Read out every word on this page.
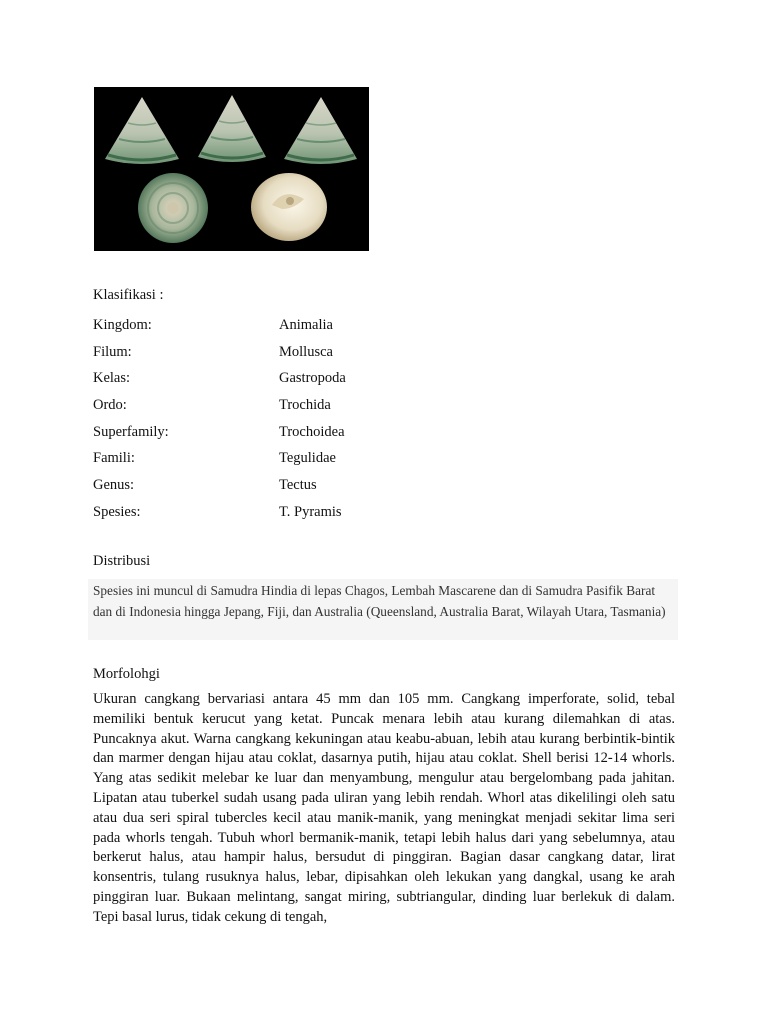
Klasifikasi :
Kingdom:	Animalia
Filum:	Mollusca
Kelas:	Gastropoda
Ordo:	Trochida
Superfamily:	Trochoidea
Famili:	Tegulidae
Genus:	Tectus
Spesies:	T. Pyramis
Distribusi
Spesies ini muncul di Samudra Hindia di lepas Chagos, Lembah Mascarene dan di Samudra Pasifik Barat dan di Indonesia hingga Jepang, Fiji, dan Australia (Queensland, Australia Barat, Wilayah Utara, Tasmania)
Morfolohgi

Ukuran cangkang bervariasi antara 45 mm dan 105 mm. Cangkang imperforate, solid, tebal memiliki bentuk kerucut yang ketat. Puncak menara lebih atau kurang dilemahkan di atas. Puncaknya akut. Warna cangkang kekuningan atau keabu-abuan, lebih atau kurang berbintik-bintik dan marmer dengan hijau atau coklat, dasarnya putih, hijau atau coklat. Shell berisi 12-14 whorls. Yang atas sedikit melebar ke luar dan menyambung, mengulur atau bergelombang pada jahitan. Lipatan atau tuberkel sudah usang pada uliran yang lebih rendah. Whorl atas dikelilingi oleh satu atau dua seri spiral tubercles kecil atau manik-manik, yang meningkat menjadi sekitar lima seri pada whorls tengah. Tubuh whorl bermanik-manik, tetapi lebih halus dari yang sebelumnya, atau berkerut halus, atau hampir halus, bersudut di pinggiran. Bagian dasar cangkang datar, lirat konsentris, tulang rusuknya halus, lebar, dipisahkan oleh lekukan yang dangkal, usang ke arah pinggiran luar. Bukaan melintang, sangat miring, subtriangular, dinding luar berlekuk di dalam. Tepi basal lurus, tidak cekung di tengah,
